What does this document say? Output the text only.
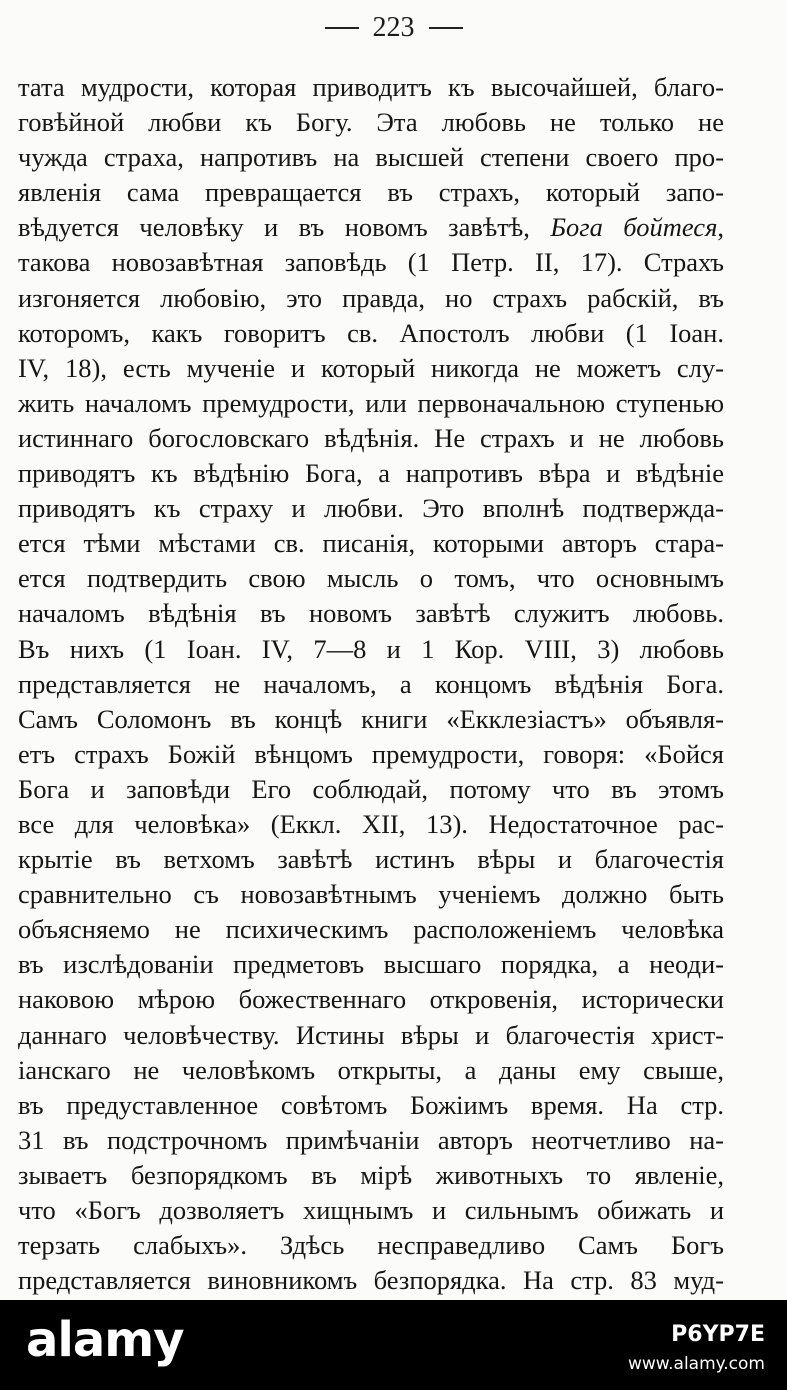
223
тата мудрости, которая приводитъ къ высочайшей, благо-
говѣйной любви къ Богу. Эта любовь не только не
чужда страха, напротивъ на высшей степени своего про-
явленія сама превращается въ страхъ, который запо-
вѣдуется человѣку и въ новомъ завѣтѣ, Бога бойтеся,
такова новозавѣтная заповѣдь (1 Петр. II, 17). Страхъ
изгоняется любовію, это правда, но страхъ рабскій, въ
которомъ, какъ говоритъ св. Апостолъ любви (1 Іоан.
IV, 18), есть мученіе и который никогда не можетъ слу-
жить началомъ премудрости, или первоначальною ступенью
истиннаго богословскаго вѣдѣнія. Не страхъ и не любовь
приводятъ къ вѣдѣнію Бога, а напротивъ вѣра и вѣдѣніе
приводятъ къ страху и любви. Это вполнѣ подтверждa-
ется тѣми мѣстами св. писанія, которыми авторъ стара-
ется подтвердить свою мысль о томъ, что основнымъ
началомъ вѣдѣнія въ новомъ завѣтѣ служитъ любовь.
Въ нихъ (1 Іоан. IV, 7—8 и 1 Кор. VIII, 3) любовь
представляется не началомъ, а концомъ вѣдѣнія Бога.
Самъ Соломонъ въ концѣ книги «Екклезіастъ» объявля-
етъ страхъ Божій вѣнцомъ премудрости, говоря: «Бойся
Бога и заповѣди Его соблюдай, потому что въ этомъ
все для человѣка» (Еккл. XII, 13). Недостаточное рас-
крытіе въ ветхомъ завѣтѣ истинъ вѣры и благочестія
сравнительно съ новозавѣтнымъ ученіемъ должно быть
объясняемо не психическимъ расположеніемъ человѣка
въ изслѣдованіи предметовъ высшаго порядка, а неоди-
наковою мѣрою божественнаго откровенія, исторически
даннаго человѣчеству. Истины вѣры и благочестія христ-
іанскаго не человѣкомъ открыты, а даны ему свыше,
въ предуставленное совѣтомъ Божіимъ время. На стр.
31 въ подстрочномъ примѣчаніи авторъ неотчетливо на-
зываетъ безпорядкомъ въ мірѣ животныхъ то явленіе,
что «Богъ дозволяетъ хищнымъ и сильнымъ обижать и
терзать слабыхъ». Здѣсь несправедливо Самъ Богъ
представляется виновникомъ безпорядка. На стр. 83 муд-
alamy	P6YP7E
www.alamy.com
